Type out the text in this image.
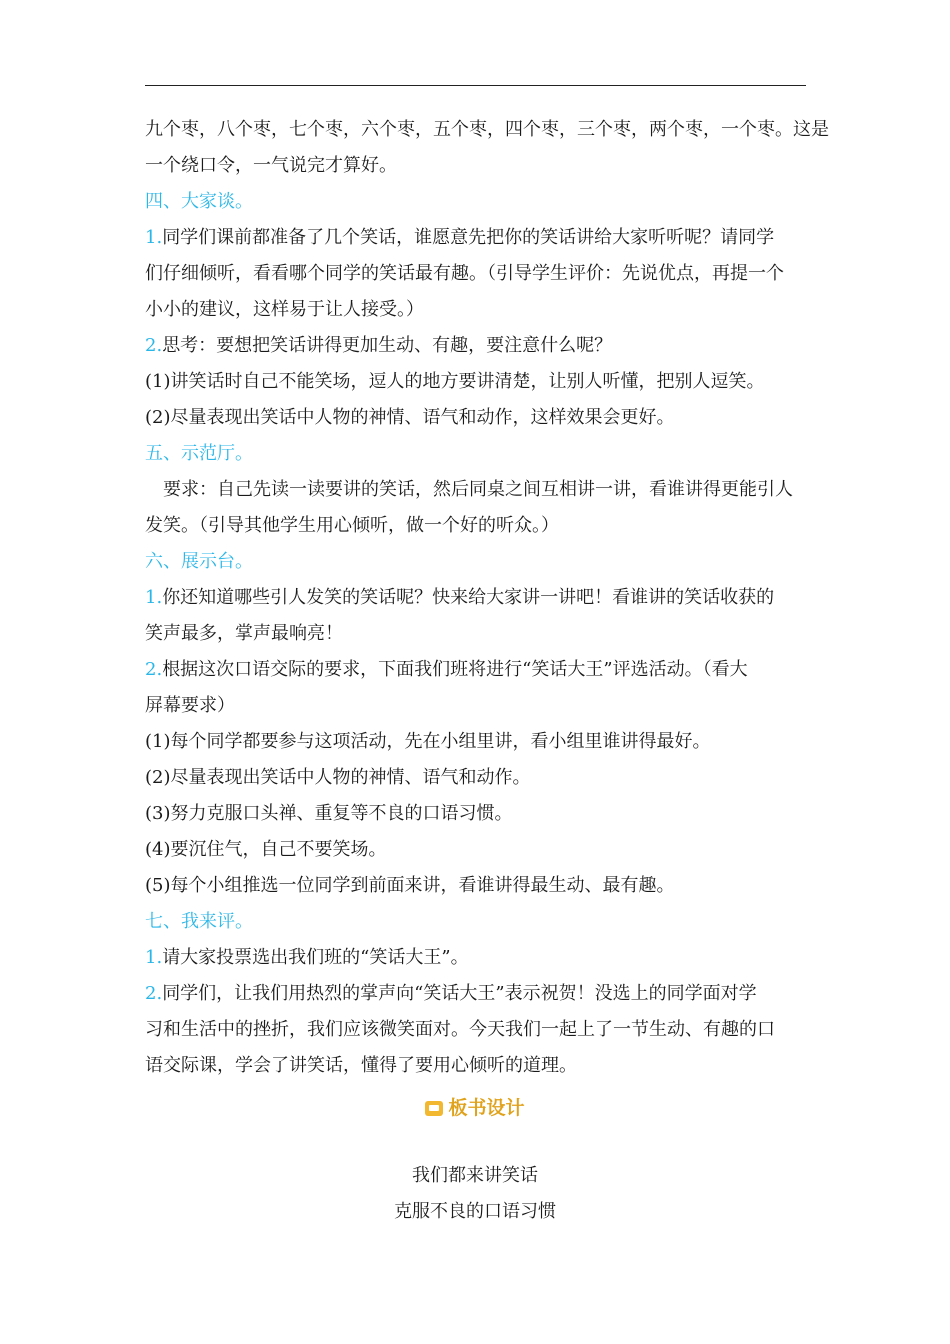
九个枣，八个枣，七个枣，六个枣，五个枣，四个枣，三个枣，两个枣，一个枣。这是
一个绕口令，一气说完才算好。
四、大家谈。
1.同学们课前都准备了几个笑话，谁愿意先把你的笑话讲给大家听听呢？请同学
们仔细倾听，看看哪个同学的笑话最有趣。（引导学生评价：先说优点，再提一个
小小的建议，这样易于让人接受。）
2.思考：要想把笑话讲得更加生动、有趣，要注意什么呢？
(1)讲笑话时自己不能笑场，逗人的地方要讲清楚，让别人听懂，把别人逗笑。
(2)尽量表现出笑话中人物的神情、语气和动作，这样效果会更好。
五、示范厅。
要求：自己先读一读要讲的笑话，然后同桌之间互相讲一讲，看谁讲得更能引人
发笑。（引导其他学生用心倾听，做一个好的听众。）
六、展示台。
1.你还知道哪些引人发笑的笑话呢？快来给大家讲一讲吧！看谁讲的笑话收获的
笑声最多，掌声最响亮！
2.根据这次口语交际的要求，下面我们班将进行“笑话大王”评选活动。（看大
屏幕要求）
(1)每个同学都要参与这项活动，先在小组里讲，看小组里谁讲得最好。
(2)尽量表现出笑话中人物的神情、语气和动作。
(3)努力克服口头禅、重复等不良的口语习惯。
(4)要沉住气，自己不要笑场。
(5)每个小组推选一位同学到前面来讲，看谁讲得最生动、最有趣。
七、我来评。
1.请大家投票选出我们班的“笑话大王”。
2.同学们，让我们用热烈的掌声向“笑话大王”表示祝贺！没选上的同学面对学
习和生活中的挫折，我们应该微笑面对。今天我们一起上了一节生动、有趣的口
语交际课，学会了讲笑话，懂得了要用心倾听的道理。
板书设计
我们都来讲笑话
克服不良的口语习惯
